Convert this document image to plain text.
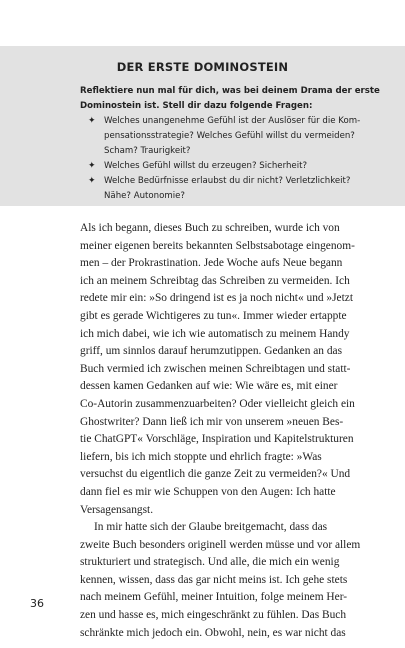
DER ERSTE DOMINOSTEIN
Reflektiere nun mal für dich, was bei deinem Drama der erste
Dominostein ist. Stell dir dazu folgende Fragen:
✦ Welches unangenehme Gefühl ist der Auslöser für die Kom-
pensationsstrategie? Welches Gefühl willst du vermeiden?
Scham? Traurigkeit?
✦ Welches Gefühl willst du erzeugen? Sicherheit?
✦ Welche Bedürfnisse erlaubst du dir nicht? Verletzlichkeit?
Nähe? Autonomie?
Als ich begann, dieses Buch zu schreiben, wurde ich von
meiner eigenen bereits bekannten Selbstsabotage eingenom-
men – der Prokrastination. Jede Woche aufs Neue begann
ich an meinem Schreibtag das Schreiben zu vermeiden. Ich
redete mir ein: »So dringend ist es ja noch nicht« und »Jetzt
gibt es gerade Wichtigeres zu tun«. Immer wieder ertappte
ich mich dabei, wie ich wie automatisch zu meinem Handy
griff, um sinnlos darauf herumzutippen. Gedanken an das
Buch vermied ich zwischen meinen Schreibtagen und statt-
dessen kamen Gedanken auf wie: Wie wäre es, mit einer
Co-Autorin zusammenzuarbeiten? Oder vielleicht gleich ein
Ghostwriter? Dann ließ ich mir von unserem »neuen Bes-
tie ChatGPT« Vorschläge, Inspiration und Kapitelstrukturen
liefern, bis ich mich stoppte und ehrlich fragte: »Was
versuchst du eigentlich die ganze Zeit zu vermeiden?« Und
dann fiel es mir wie Schuppen von den Augen: Ich hatte
Versagensangst.
In mir hatte sich der Glaube breitgemacht, dass das
zweite Buch besonders originell werden müsse und vor allem
strukturiert und strategisch. Und alle, die mich ein wenig
kennen, wissen, dass das gar nicht meins ist. Ich gehe stets
nach meinem Gefühl, meiner Intuition, folge meinem Her-
zen und hasse es, mich eingeschränkt zu fühlen. Das Buch
schränkte mich jedoch ein. Obwohl, nein, es war nicht das
36
